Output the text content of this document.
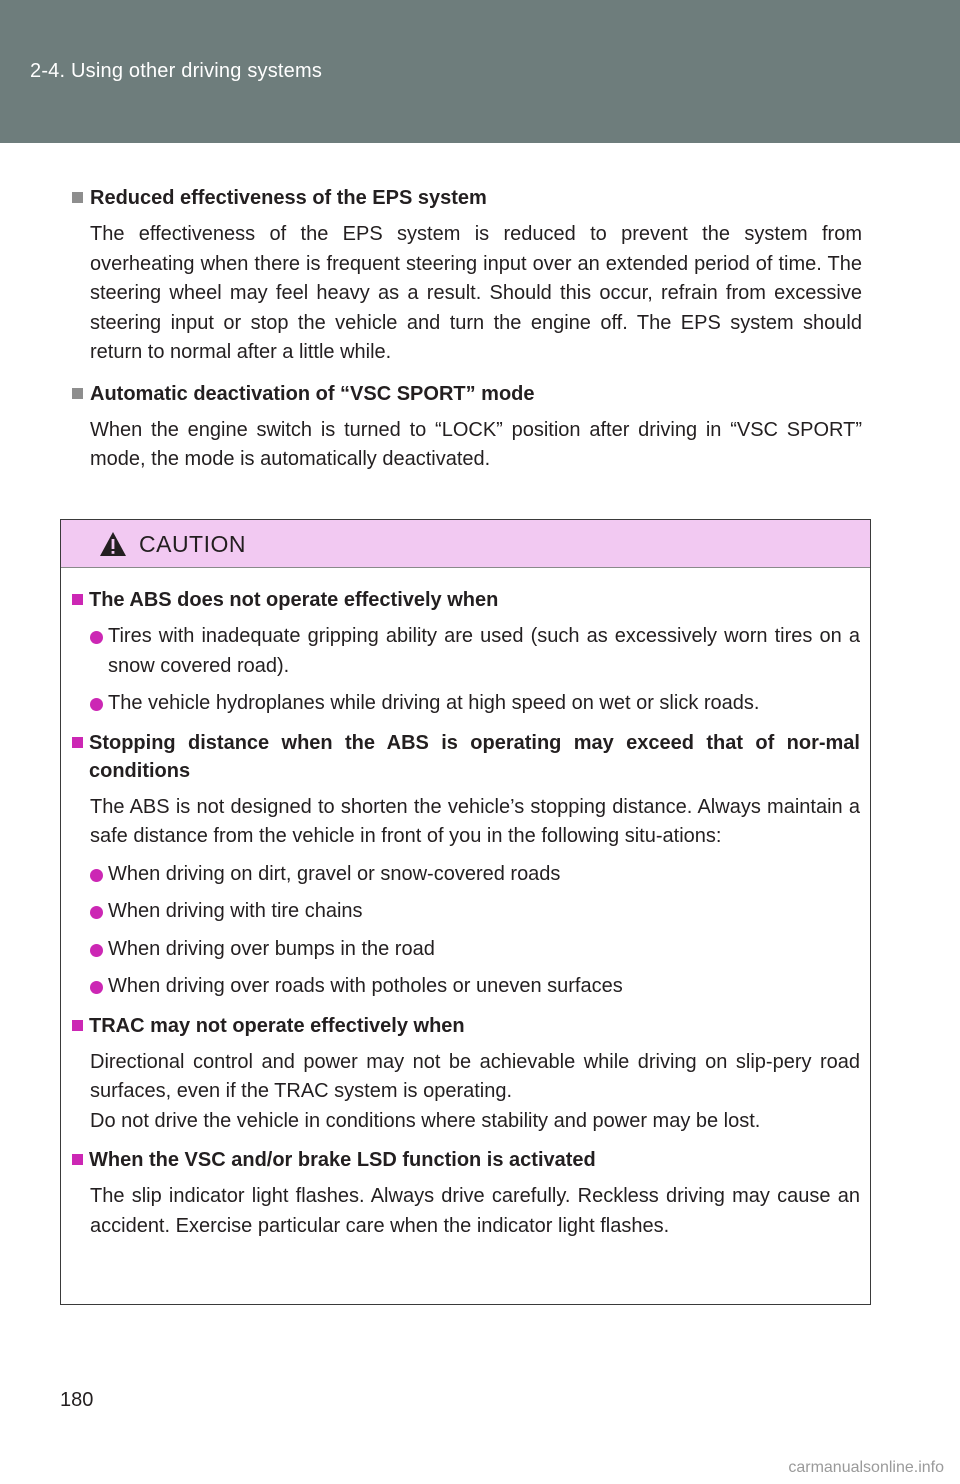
2-4. Using other driving systems

Reduced effectiveness of the EPS system

The effectiveness of the EPS system is reduced to prevent the system from overheating when there is frequent steering input over an extended period of time. The steering wheel may feel heavy as a result. Should this occur, refrain from excessive steering input or stop the vehicle and turn the engine off. The EPS system should return to normal after a little while.

Automatic deactivation of “VSC SPORT” mode

When the engine switch is turned to “LOCK” position after driving in “VSC SPORT” mode, the mode is automatically deactivated.

CAUTION

The ABS does not operate effectively when

Tires with inadequate gripping ability are used (such as excessively worn tires on a snow covered road).

The vehicle hydroplanes while driving at high speed on wet or slick roads.

Stopping distance when the ABS is operating may exceed that of nor-mal conditions

The ABS is not designed to shorten the vehicle’s stopping distance. Always maintain a safe distance from the vehicle in front of you in the following situ-ations:

When driving on dirt, gravel or snow-covered roads

When driving with tire chains

When driving over bumps in the road

When driving over roads with potholes or uneven surfaces

TRAC may not operate effectively when

Directional control and power may not be achievable while driving on slip-pery road surfaces, even if the TRAC system is operating.

Do not drive the vehicle in conditions where stability and power may be lost.

When the VSC and/or brake LSD function is activated

The slip indicator light flashes. Always drive carefully. Reckless driving may cause an accident. Exercise particular care when the indicator light flashes.

180
carmanualsonline.info
